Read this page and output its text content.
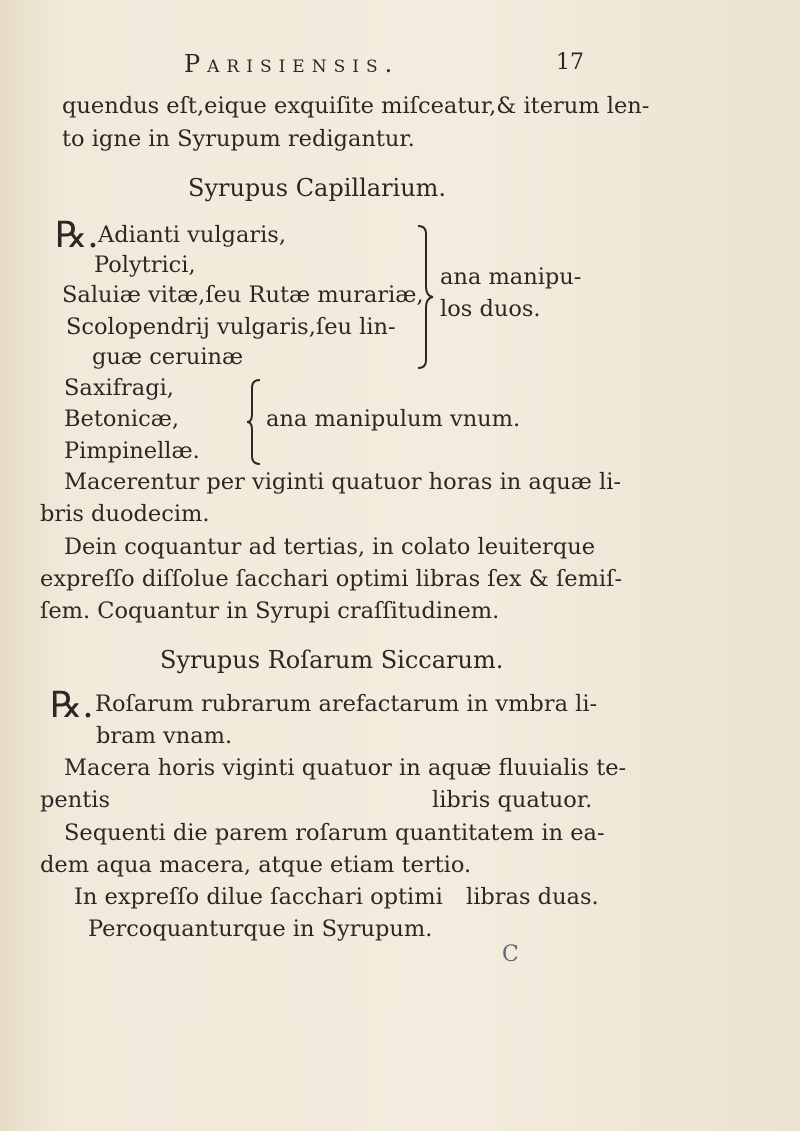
Parisiensis.	17
quendus eſt,eique exquiſite miſceatur,& iterum len-
to igne in Syrupum redigantur.
Syrupus Capillarium.
℞. Adianti vulgaris,
Polytrici,
Saluiæ vitæ,ſeu Rutæ murariæ,
Scolopendrij vulgaris,ſeu lin-
guæ ceruinæ
ana manipu-
los duos.
Saxifragi,
Betonicæ,
Pimpinellæ.
ana manipulum vnum.
Macerentur per viginti quatuor horas in aquæ li-
bris duodecim.
Dein coquantur ad tertias, in colato leuiterque
expreſſo diſſolue ſacchari optimi libras ſex & ſemiſ-
ſem. Coquantur in Syrupi craſſitudinem.
Syrupus Roſarum Siccarum.
℞. Roſarum rubrarum arefactarum in vmbra li-
bram vnam.
Macera horis viginti quatuor in aquæ fluuialis te-
pentis	libris quatuor.
Sequenti die parem roſarum quantitatem in ea-
dem aqua macera, atque etiam tertio.
In expreſſo dilue ſacchari optimi libras duas.
Percoquanturque in Syrupum.
C
